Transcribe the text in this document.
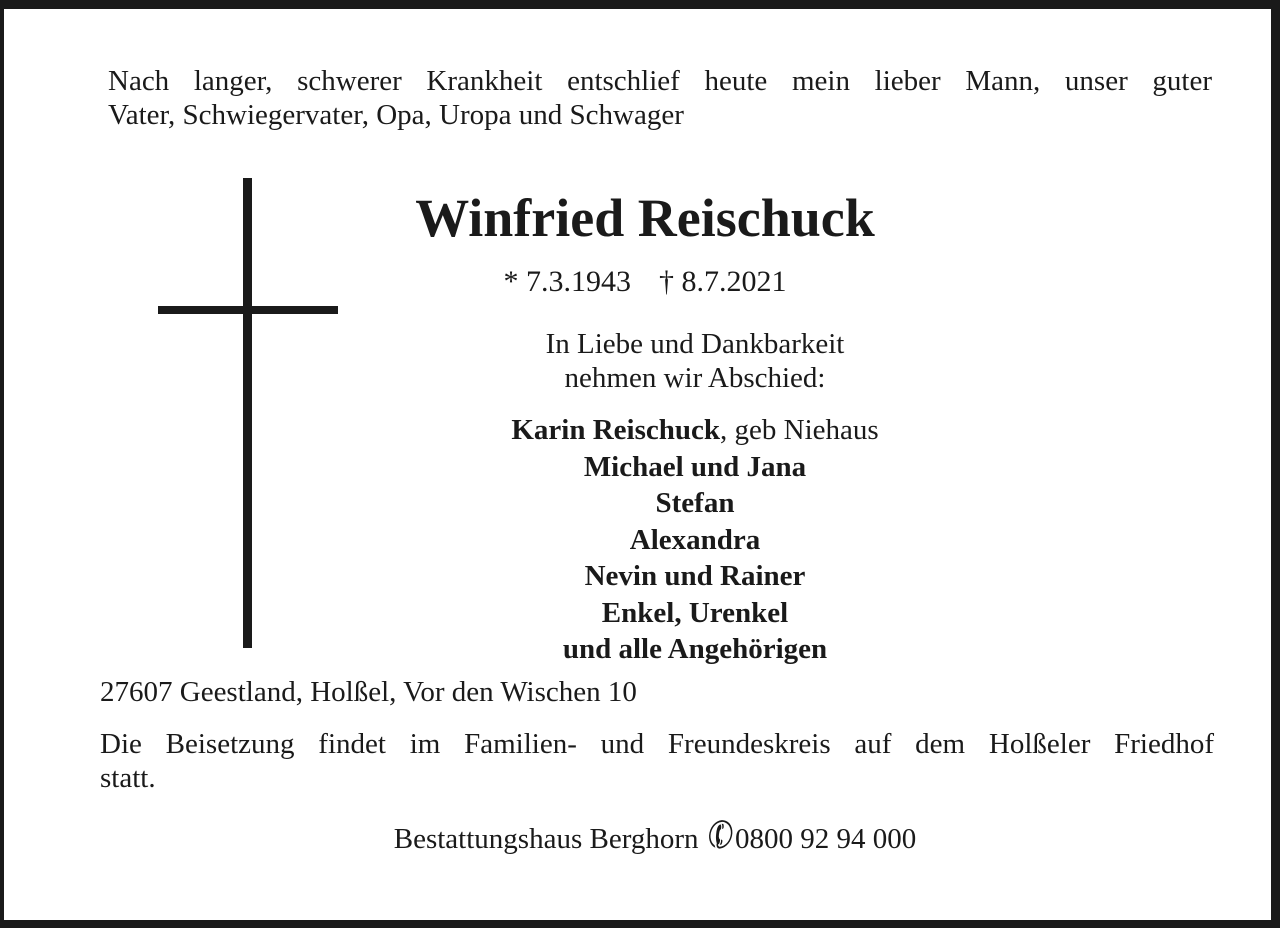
Nach langer, schwerer Krankheit entschlief heute mein lieber Mann, unser guter
Vater, Schwiegervater, Opa, Uropa und Schwager
Winfried Reischuck
* 7.3.1943 † 8.7.2021
In Liebe und Dankbarkeit
nehmen wir Abschied:
Karin Reischuck, geb Niehaus
Michael und Jana
Stefan
Alexandra
Nevin und Rainer
Enkel, Urenkel
und alle Angehörigen
27607 Geestland, Holßel, Vor den Wischen 10
Die Beisetzung findet im Familien- und Freundeskreis auf dem Holßeler Friedhof
statt.
Bestattungshaus Berghorn✆0800 92 94 000
